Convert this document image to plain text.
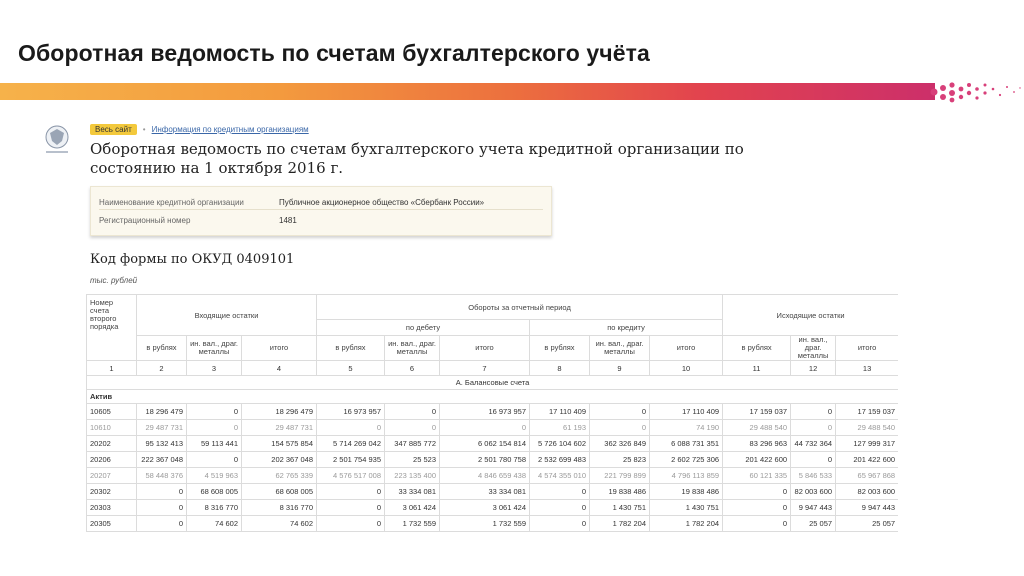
Оборотная ведомость по счетам бухгалтерского учёта
Весь сайт	• Информация по кредитным организациям
Оборотная ведомость по счетам бухгалтерского учета кредитной организации по состоянию на 1 октября 2016 г.
Наименование кредитной организации	Публичное акционерное общество «Сбербанк России»
Регистрационный номер	1481
Код формы по ОКУД 0409101
тыс. рублей
Номер счета второго порядка	Входящие остатки			Обороты за отчетный период						Исходящие остатки		
				по дебету			по кредиту					
	в рублях	ин. вал., драг. металлы	итого	в рублях	ин. вал., драг. металлы	итого	в рублях	ин. вал., драг. металлы	итого	в рублях	ин. вал., драг. металлы	итого
1	2	3	4	5	6	7	8	9	10	11	12	13
А. Балансовые счета												
Актив												
10605	18 296 479	0	18 296 479	16 973 957	0	16 973 957	17 110 409	0	17 110 409	17 159 037	0	17 159 037
10610	29 487 731	0	29 487 731	0	0	0	61 193	0	74 190	29 488 540	0	29 488 540
20202	95 132 413	59 113 441	154 575 854	5 714 269 042	347 885 772	6 062 154 814	5 726 104 602	362 326 849	6 088 731 351	83 296 963	44 732 364	127 999 317
20206	222 367 048	0	202 367 048	2 501 754 935	25 523	2 501 780 758	2 532 699 483	25 823	2 602 725 306	201 422 600	0	201 422 600
20207	58 448 376	4 519 963	62 765 339	4 576 517 008	223 135 400	4 846 659 438	4 574 355 010	221 799 899	4 796 113 859	60 121 335	5 846 533	65 967 868
20302	0	68 608 005	68 608 005	0	33 334 081	33 334 081	0	19 838 486	19 838 486	0	82 003 600	82 003 600
20303	0	8 316 770	8 316 770	0	3 061 424	3 061 424	0	1 430 751	1 430 751	0	9 947 443	9 947 443
20305	0	74 602	74 602	0	1 732 559	1 732 559	0	1 782 204	1 782 204	0	25 057	25 057
